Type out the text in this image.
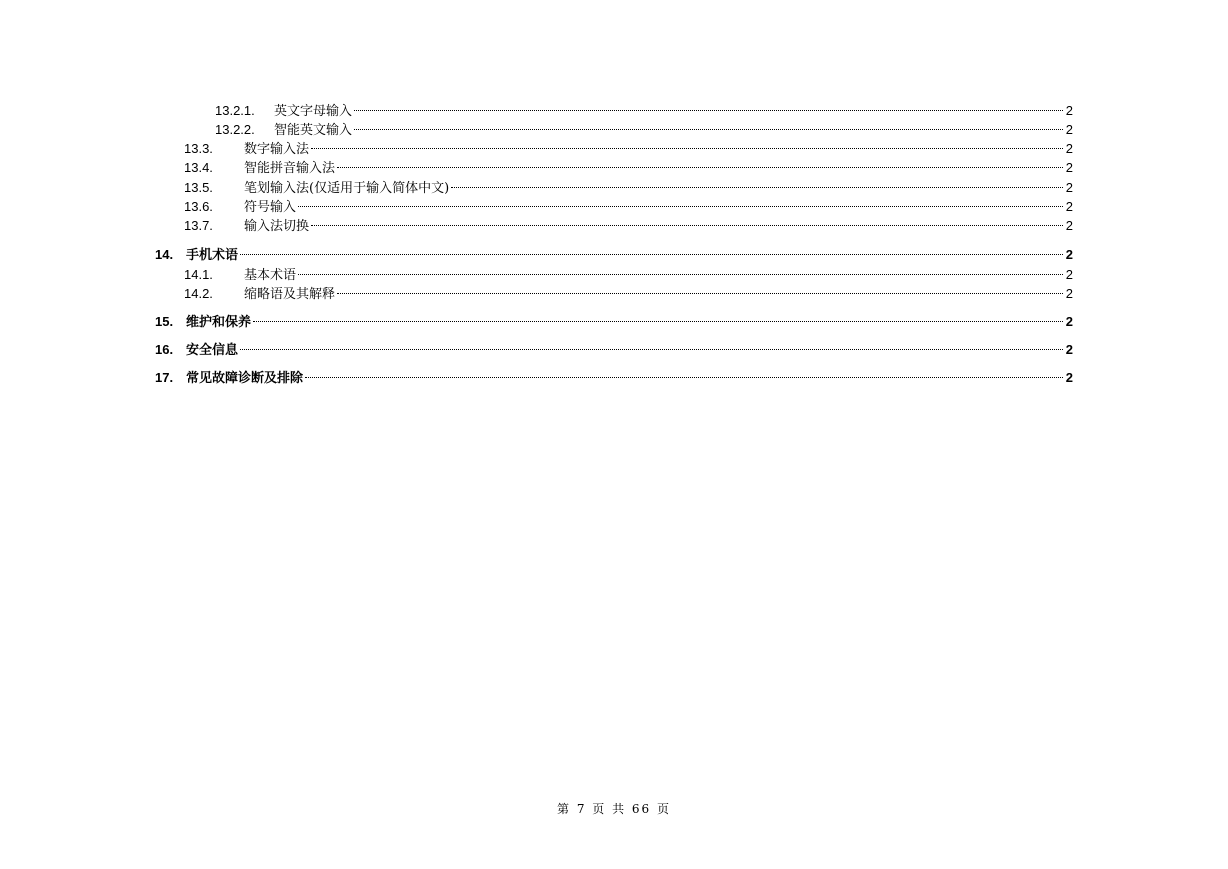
13.2.1. 英文字母输入	2
13.2.2. 智能英文输入	2
13.3. 数字输入法	2
13.4. 智能拼音输入法	2
13.5. 笔划输入法(仅适用于输入简体中文)	2
13.6. 符号输入	2
13.7. 输入法切换	2
14. 手机术语	2
14.1. 基本术语	2
14.2. 缩略语及其解释	2
15. 维护和保养	2
16. 安全信息	2
17. 常见故障诊断及排除	2
第 7 页 共 66 页
